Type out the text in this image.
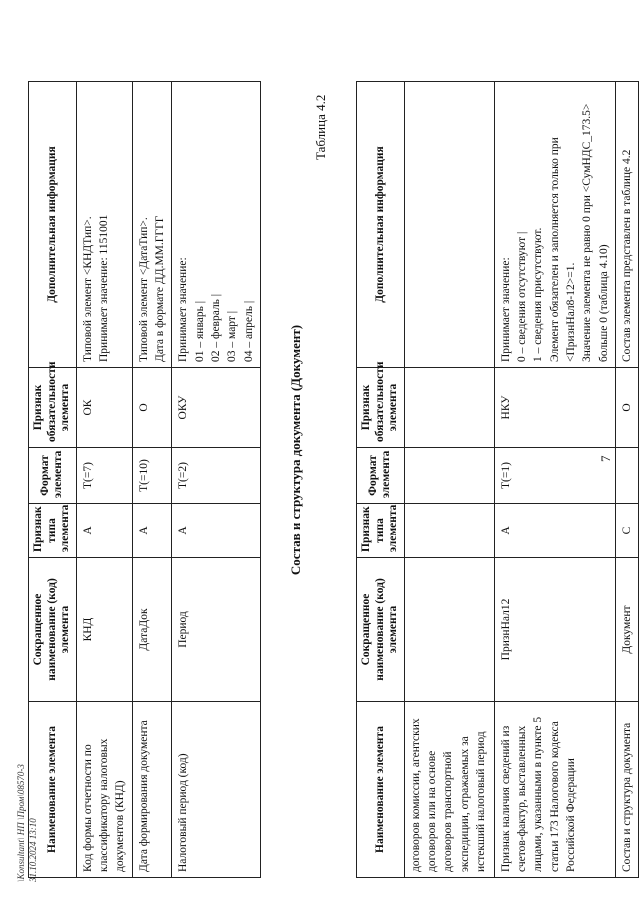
7
Наименование элемента	Сокращенное наименование (код) элемента	Признак типа элемента	Формат элемента	Признак обязательности элемента	Дополнительная информация
договоров комиссии, агентских договоров или на основе договоров транспортной экспедиции, отражаемых за истекший налоговый период					
Признак наличия сведений из счетов-фактур, выставленных лицами, указанными в пункте 5 статьи 173 Налогового кодекса Российской Федерации	ПризнНал12	А	T(=1)	НКУ	Принимает значение: 0 – сведения отсутствуют | 1 – сведения присутствуют. Элемент обязателен и заполняется только при <ПризнНал8-12>=1. Значение элемента не равно 0 при <СумНДС_173.5> больше 0 (таблица 4.10)

Состав и структура документа	Документ	С		О	Состав элемента представлен в таблице 4.2
Таблица 4.2
Состав и структура документа (Документ)
Наименование элемента	Сокращенное наименование (код) элемента	Признак типа элемента	Формат элемента	Признак обязательности элемента	Дополнительная информация
Код формы отчетности по классификатору налоговых документов (КНД)	КНД	А	T(=7)	ОК	Типовой элемент <КНДТип>. Принимает значение: 1151001

Дата формирования документа	ДатаДок	А	T(=10)	О	Типовой элемент <ДатаТип>. Дата в формате ДД.ММ.ГГГГ

Налоговый период (код)	Период	А	T(=2)	ОКУ	Принимает значение: 01 – январь | 02 – февраль | 03 – март | 04 – апрель |
31.10.2024 13:10
\Konsultant\ НП \Пром\08570-3
